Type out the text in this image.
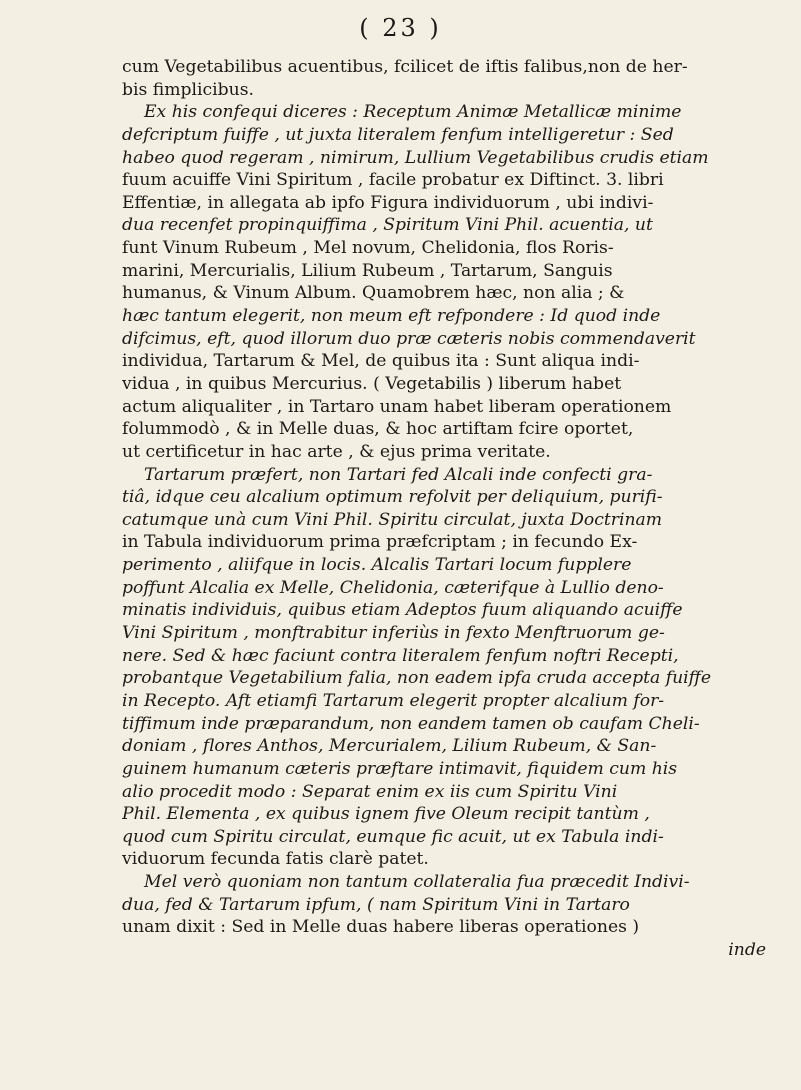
( 23 )
cum Vegetabilibus acuentibus, fcilicet de iftis falibus,non de her-
bis fimplicibus.
Ex his confequi diceres : Receptum Animæ Metallicæ minime
defcriptum fuiffe , ut juxta literalem fenfum intelligeretur : Sed
habeo quod regeram , nimirum, Lullium Vegetabilibus crudis etiam
fuum acuiffe Vini Spiritum , facile probatur ex Diftinct. 3. libri
Effentiæ, in allegata ab ipfo Figura individuorum , ubi indivi-
dua recenfet propinquiffima , Spiritum Vini Phil. acuentia, ut
funt Vinum Rubeum , Mel novum, Chelidonia, flos Roris-
marini, Mercurialis, Lilium Rubeum , Tartarum, Sanguis
humanus, & Vinum Album. Quamobrem hæc, non alia ; &
hæc tantum elegerit, non meum eft refpondere : Id quod inde
difcimus, eft, quod illorum duo præ cæteris nobis commendaverit
individua, Tartarum & Mel, de quibus ita : Sunt aliqua indi-
vidua , in quibus Mercurius. ( Vegetabilis ) liberum habet
actum aliqualiter , in Tartaro unam habet liberam operationem
folummodò , & in Melle duas, & hoc artiftam fcire oportet,
ut certificetur in hac arte , & ejus prima veritate.
Tartarum præfert, non Tartari fed Alcali inde confecti gra-
tiâ, idque ceu alcalium optimum refolvit per deliquium, purifi-
catumque unà cum Vini Phil. Spiritu circulat, juxta Doctrinam
in Tabula individuorum prima præfcriptam ; in fecundo Ex-
perimento , aliifque in locis. Alcalis Tartari locum fupplere
poffunt Alcalia ex Melle, Chelidonia, cæterifque à Lullio deno-
minatis individuis, quibus etiam Adeptos fuum aliquando acuiffe
Vini Spiritum , monftrabitur inferiùs in fexto Menftruorum ge-
nere. Sed & hæc faciunt contra literalem fenfum noftri Recepti,
probantque Vegetabilium falia, non eadem ipfa cruda accepta fuiffe
in Recepto. Aft etiamfi Tartarum elegerit propter alcalium for-
tiffimum inde præparandum, non eandem tamen ob caufam Cheli-
doniam , flores Anthos, Mercurialem, Lilium Rubeum, & San-
guinem humanum cæteris præftare intimavit, fiquidem cum his
alio procedit modo : Separat enim ex iis cum Spiritu Vini
Phil. Elementa , ex quibus ignem five Oleum recipit tantùm ,
quod cum Spiritu circulat, eumque fic acuit, ut ex Tabula indi-
viduorum fecunda fatis clarè patet.
Mel verò quoniam non tantum collateralia fua præcedit Indivi-
dua, fed & Tartarum ipfum, ( nam Spiritum Vini in Tartaro
unam dixit : Sed in Melle duas habere liberas operationes )
inde
